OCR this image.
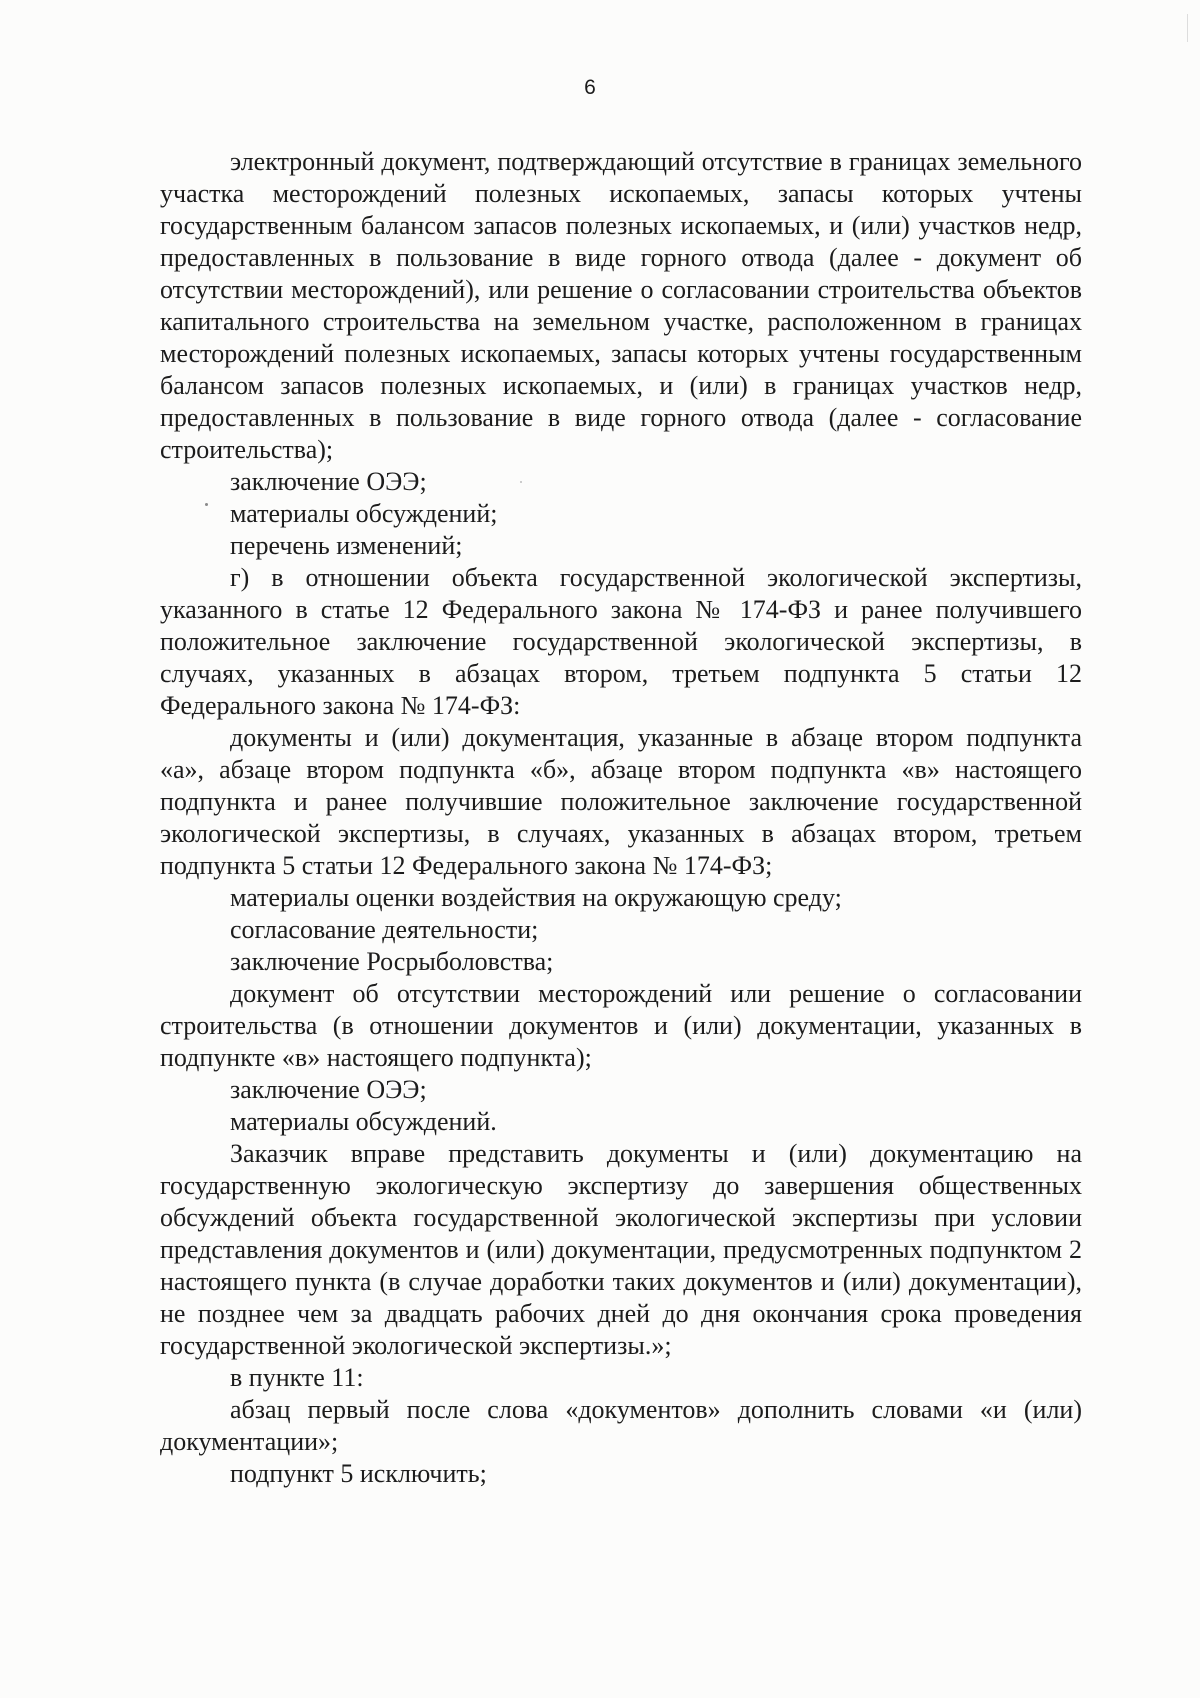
6

электронный документ, подтверждающий отсутствие в границах земельного участка месторождений полезных ископаемых, запасы которых учтены государственным балансом запасов полезных ископаемых, и (или) участков недр, предоставленных в пользование в виде горного отвода (далее - документ об отсутствии месторождений), или решение о согласовании строительства объектов капитального строительства на земельном участке, расположенном в границах месторождений полезных ископаемых, запасы которых учтены государственным балансом запасов полезных ископаемых, и (или) в границах участков недр, предоставленных в пользование в виде горного отвода (далее - согласование строительства);

заключение ОЭЭ;

материалы обсуждений;

перечень изменений;

г) в отношении объекта государственной экологической экспертизы, указанного в статье 12 Федерального закона № 174-ФЗ и ранее получившего положительное заключение государственной экологической экспертизы, в случаях, указанных в абзацах втором, третьем подпункта 5 статьи 12 Федерального закона № 174-ФЗ:

документы и (или) документация, указанные в абзаце втором подпункта «а», абзаце втором подпункта «б», абзаце втором подпункта «в» настоящего подпункта и ранее получившие положительное заключение государственной экологической экспертизы, в случаях, указанных в абзацах втором, третьем подпункта 5 статьи 12 Федерального закона № 174-ФЗ;

материалы оценки воздействия на окружающую среду;

согласование деятельности;

заключение Росрыболовства;

документ об отсутствии месторождений или решение о согласовании строительства (в отношении документов и (или) документации, указанных в подпункте «в» настоящего подпункта);

заключение ОЭЭ;

материалы обсуждений.

Заказчик вправе представить документы и (или) документацию на государственную экологическую экспертизу до завершения общественных обсуждений объекта государственной экологической экспертизы при условии представления документов и (или) документации, предусмотренных подпунктом 2 настоящего пункта (в случае доработки таких документов и (или) документации), не позднее чем за двадцать рабочих дней до дня окончания срока проведения государственной экологической экспертизы.»;

в пункте 11:

абзац первый после слова «документов» дополнить словами «и (или) документации»;

подпункт 5 исключить;
